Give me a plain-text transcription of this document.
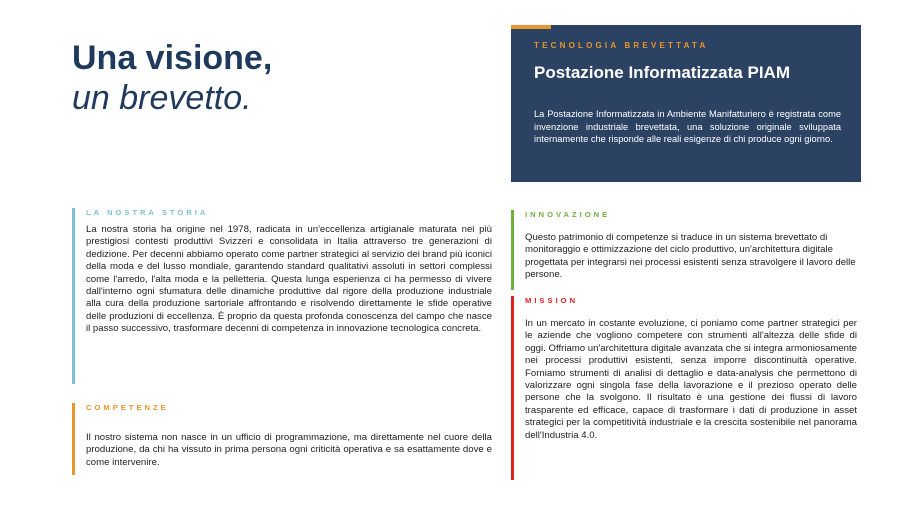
Una visione,
un brevetto.
TECNOLOGIA BREVETTATA
Postazione Informatizzata PIAM
La Postazione Informatizzata in Ambiente Manifatturiero è registrata come invenzione industriale brevettata, una soluzione originale sviluppata internamente che risponde alle reali esigenze di chi produce ogni giorno.
LA NOSTRA STORIA
La nostra storia ha origine nel 1978, radicata in un'eccellenza artigianale maturata nei più prestigiosi contesti produttivi Svizzeri e consolidata in Italia attraverso tre generazioni di dedizione. Per decenni abbiamo operato come partner strategici al servizio dei brand più iconici della moda e del lusso mondiale, garantendo standard qualitativi assoluti in settori complessi come l'arredo, l'alta moda e la pelletteria. Questa lunga esperienza ci ha permesso di vivere dall'interno ogni sfumatura delle dinamiche produttive dal rigore della produzione industriale alla cura della produzione sartoriale affrontando e risolvendo direttamente le sfide operative delle produzioni di eccellenza. È proprio da questa profonda conoscenza del campo che nasce il passo successivo, trasformare decenni di competenza in innovazione tecnologica concreta.
COMPETENZE
Il nostro sistema non nasce in un ufficio di programmazione, ma direttamente nel cuore della produzione, da chi ha vissuto in prima persona ogni criticità operativa e sa esattamente dove e come intervenire.
INNOVAZIONE
Questo patrimonio di competenze si traduce in un sistema brevettato di monitoraggio e ottimizzazione del ciclo produttivo, un'architettura digitale progettata per integrarsi nei processi esistenti senza stravolgere il lavoro delle persone.
MISSION
In un mercato in costante evoluzione, ci poniamo come partner strategici per le aziende che vogliono competere con strumenti all'altezza delle sfide di oggi. Offriamo un'architettura digitale avanzata che si integra armoniosamente nei processi produttivi esistenti, senza imporre discontinuità operative. Forniamo strumenti di analisi di dettaglio e data-analysis che permettono di valorizzare ogni singola fase della lavorazione e il prezioso operato delle persone che la svolgono. Il risultato è una gestione dei flussi di lavoro trasparente ed efficace, capace di trasformare i dati di produzione in asset strategici per la competitività industriale e la crescita sostenibile nel panorama dell'Industria 4.0.
